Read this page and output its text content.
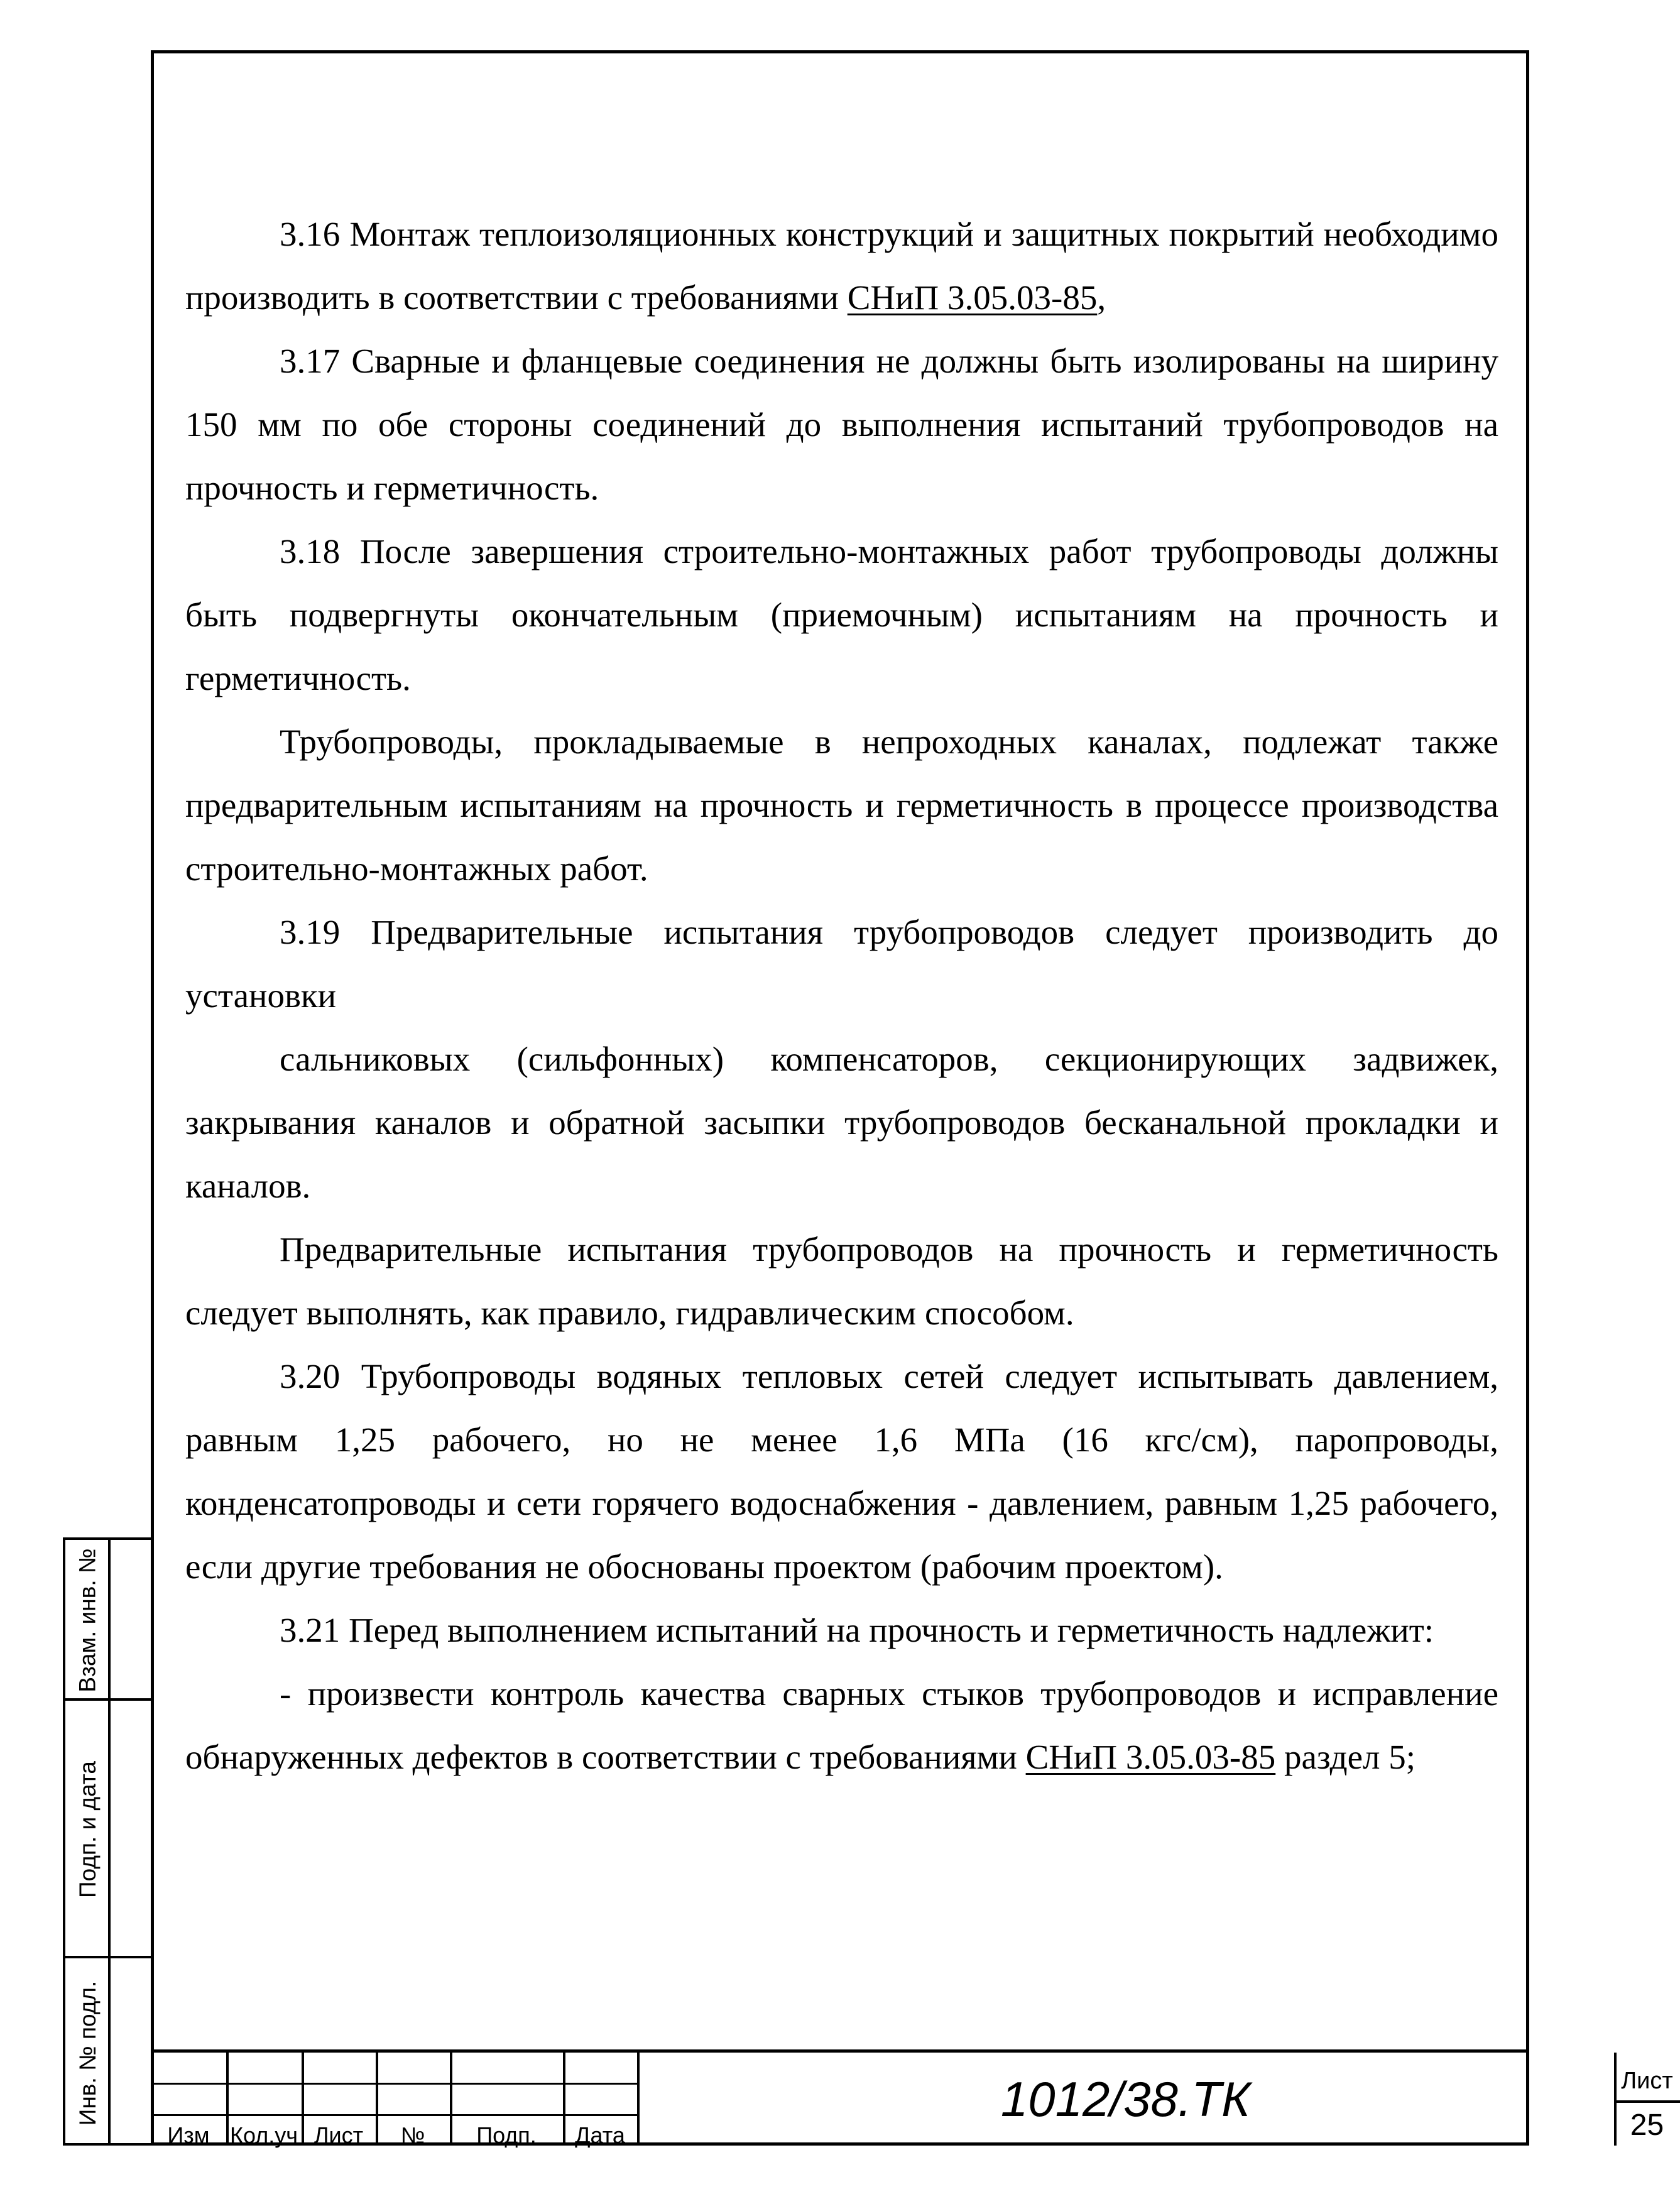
3.16 Монтаж теплоизоляционных конструкций и защитных покрытий необходимо производить в соответствии с требованиями СНиП 3.05.03-85,

3.17 Сварные и фланцевые соединения не должны быть изолированы на ширину 150 мм по обе стороны соединений до выполнения испытаний трубопроводов на прочность и герметичность.

3.18 После завершения строительно-монтажных работ трубопроводы должны быть подвергнуты окончательным (приемочным) испытаниям на прочность и герметичность.

Трубопроводы, прокладываемые в непроходных каналах, подлежат также предварительным испытаниям на прочность и герметичность в процессе производства строительно-монтажных работ.

3.19 Предварительные испытания трубопроводов следует производить до установки

сальниковых (сильфонных) компенсаторов, секционирующих задвижек, закрывания каналов и обратной засыпки трубопроводов бесканальной прокладки и каналов.

Предварительные испытания трубопроводов на прочность и герметичность следует выполнять, как правило, гидравлическим способом.

3.20 Трубопроводы водяных тепловых сетей следует испытывать давлением, равным 1,25 рабочего, но не менее 1,6 МПа (16 кгс/см), паропроводы, конденсатопроводы и сети горячего водоснабжения - давлением, равным 1,25 рабочего, если другие требования не обоснованы проектом (рабочим проектом).

3.21 Перед выполнением испытаний на прочность и герметичность надлежит:

- произвести контроль качества сварных стыков трубопроводов и исправление обнаруженных дефектов в соответствии с требованиями СНиП 3.05.03-85 раздел 5;

Взам. инв. №
Подп. и дата
Инв. № подл.
Изм Кол.уч Лист	№	Подп.	Дата
1012/38.ТК	Лист
25
